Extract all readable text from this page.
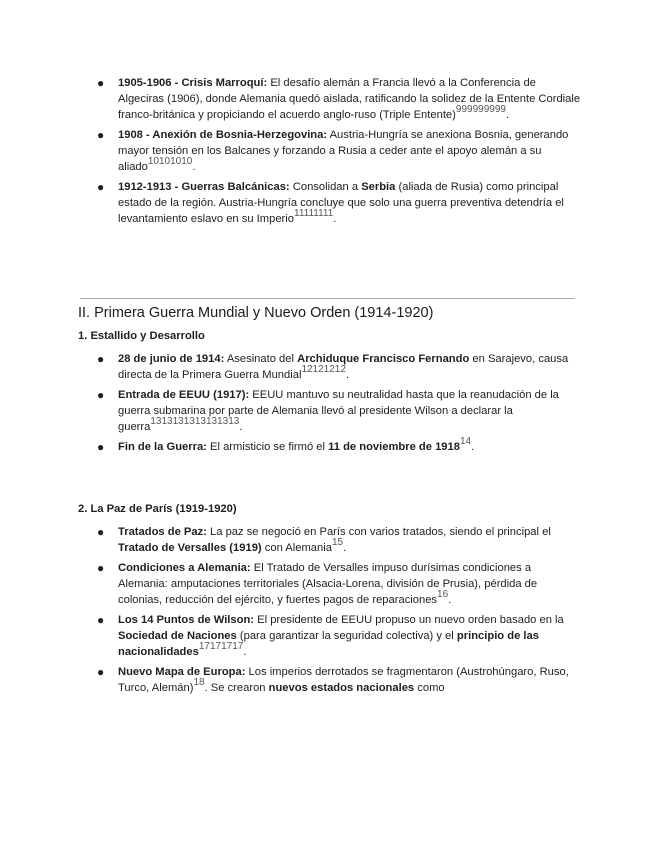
● 1905-1906 - Crisis Marroquí: El desafío alemán a Francia llevó a la Conferencia de Algeciras (1906), donde Alemania quedó aislada, ratificando la solidez de la Entente Cordiale franco-británica y propiciando el acuerdo anglo-ruso (Triple Entente)$^{999999999}$.
● 1908 - Anexión de Bosnia-Herzegovina: Austria-Hungría se anexiona Bosnia, generando mayor tensión en los Balcanes y forzando a Rusia a ceder ante el apoyo alemán a su aliado$^{10101010}$.
● 1912-1913 - Guerras Balcánicas: Consolidan a Serbia (aliada de Rusia) como principal estado de la región. Austria-Hungría concluye que solo una guerra preventiva detendría el levantamiento eslavo en su Imperio$^{11111111}$.
II. Primera Guerra Mundial y Nuevo Orden (1914-1920)
1. Estallido y Desarrollo
● 28 de junio de 1914: Asesinato del Archiduque Francisco Fernando en Sarajevo, causa directa de la Primera Guerra Mundial$^{12121212}$.
● Entrada de EEUU (1917): EEUU mantuvo su neutralidad hasta que la reanudación de la guerra submarina por parte de Alemania llevó al presidente Wilson a declarar la guerra$^{1313131313131313}$.
● Fin de la Guerra: El armisticio se firmó el 11 de noviembre de 1918$^{14}$.
2. La Paz de París (1919-1920)
● Tratados de Paz: La paz se negoció en París con varios tratados, siendo el principal el Tratado de Versalles (1919) con Alemania$^{15}$.
● Condiciones a Alemania: El Tratado de Versalles impuso durísimas condiciones a Alemania: amputaciones territoriales (Alsacia-Lorena, división de Prusia), pérdida de colonias, reducción del ejército, y fuertes pagos de reparaciones$^{16}$.
● Los 14 Puntos de Wilson: El presidente de EEUU propuso un nuevo orden basado en la Sociedad de Naciones (para garantizar la seguridad colectiva) y el principio de las nacionalidades$^{17171717}$.
● Nuevo Mapa de Europa: Los imperios derrotados se fragmentaron (Austrohúngaro, Ruso, Turco, Alemán)$^{18}$. Se crearon nuevos estados nacionales como
